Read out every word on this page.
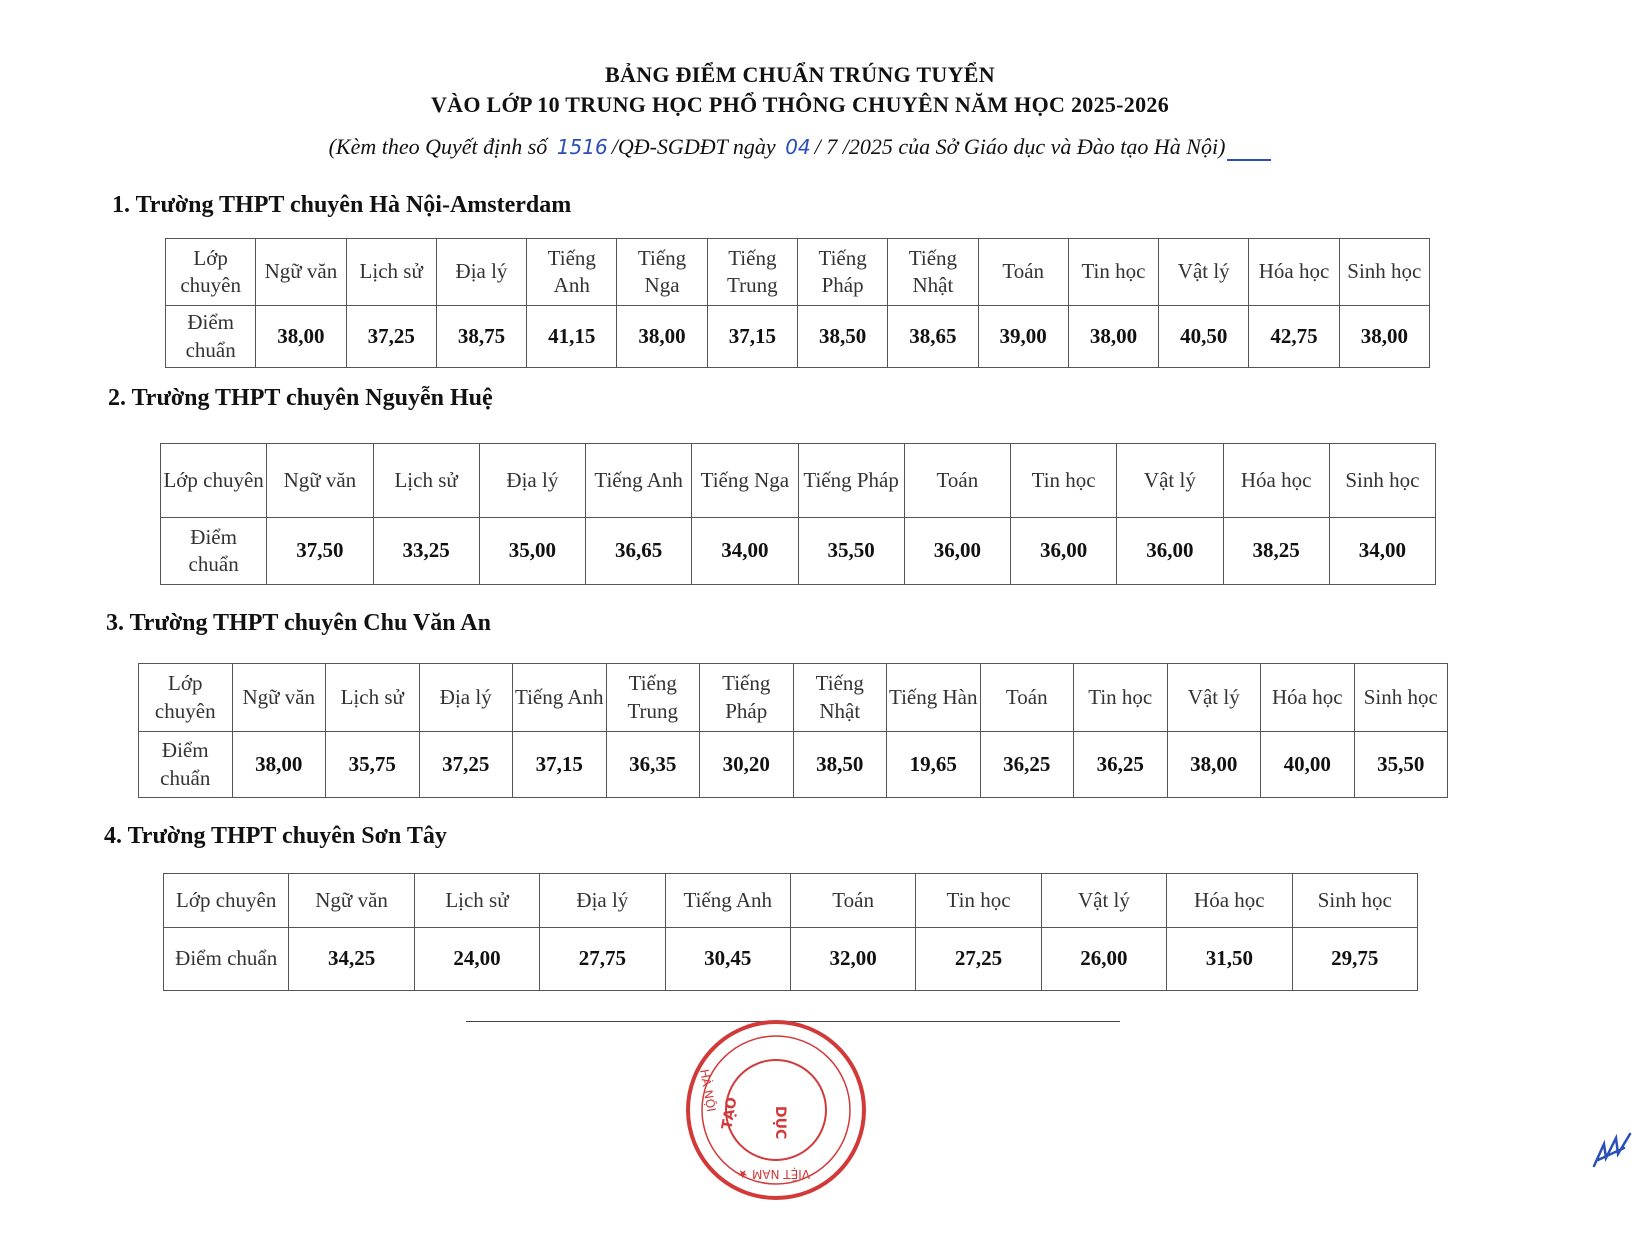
BẢNG ĐIỂM CHUẨN TRÚNG TUYỂN
VÀO LỚP 10 TRUNG HỌC PHỔ THÔNG CHUYÊN NĂM HỌC 2025-2026
(Kèm theo Quyết định số 1516 /QĐ-SGDĐT ngày 04 / 7 /2025 của Sở Giáo dục và Đào tạo Hà Nội)
1. Trường THPT chuyên Hà Nội-Amsterdam
Lớp chuyên	Ngữ văn	Lịch sử	Địa lý	Tiếng Anh	Tiếng Nga	Tiếng Trung	Tiếng Pháp	Tiếng Nhật	Toán	Tin học	Vật lý	Hóa học	Sinh học
Điểm chuẩn	38,00	37,25	38,75	41,15	38,00	37,15	38,50	38,65	39,00	38,00	40,50	42,75	38,00
2. Trường THPT chuyên Nguyễn Huệ
Lớp chuyên	Ngữ văn	Lịch sử	Địa lý	Tiếng Anh	Tiếng Nga	Tiếng Pháp	Toán	Tin học	Vật lý	Hóa học	Sinh học
Điểm chuẩn	37,50	33,25	35,00	36,65	34,00	35,50	36,00	36,00	36,00	38,25	34,00
3. Trường THPT chuyên Chu Văn An
Lớp chuyên	Ngữ văn	Lịch sử	Địa lý	Tiếng Anh	Tiếng Trung	Tiếng Pháp	Tiếng Nhật	Tiếng Hàn	Toán	Tin học	Vật lý	Hóa học	Sinh học
Điểm chuẩn	38,00	35,75	37,25	37,15	36,35	30,20	38,50	19,65	36,25	36,25	38,00	40,00	35,50
4. Trường THPT chuyên Sơn Tây
Lớp chuyên	Ngữ văn	Lịch sử	Địa lý	Tiếng Anh	Toán	Tin học	Vật lý	Hóa học	Sinh học
Điểm chuẩn	34,25	24,00	27,75	30,45	32,00	27,25	26,00	31,50	29,75
HÀ NỘI
TẠO DỤC
VIỆT NAM ★
